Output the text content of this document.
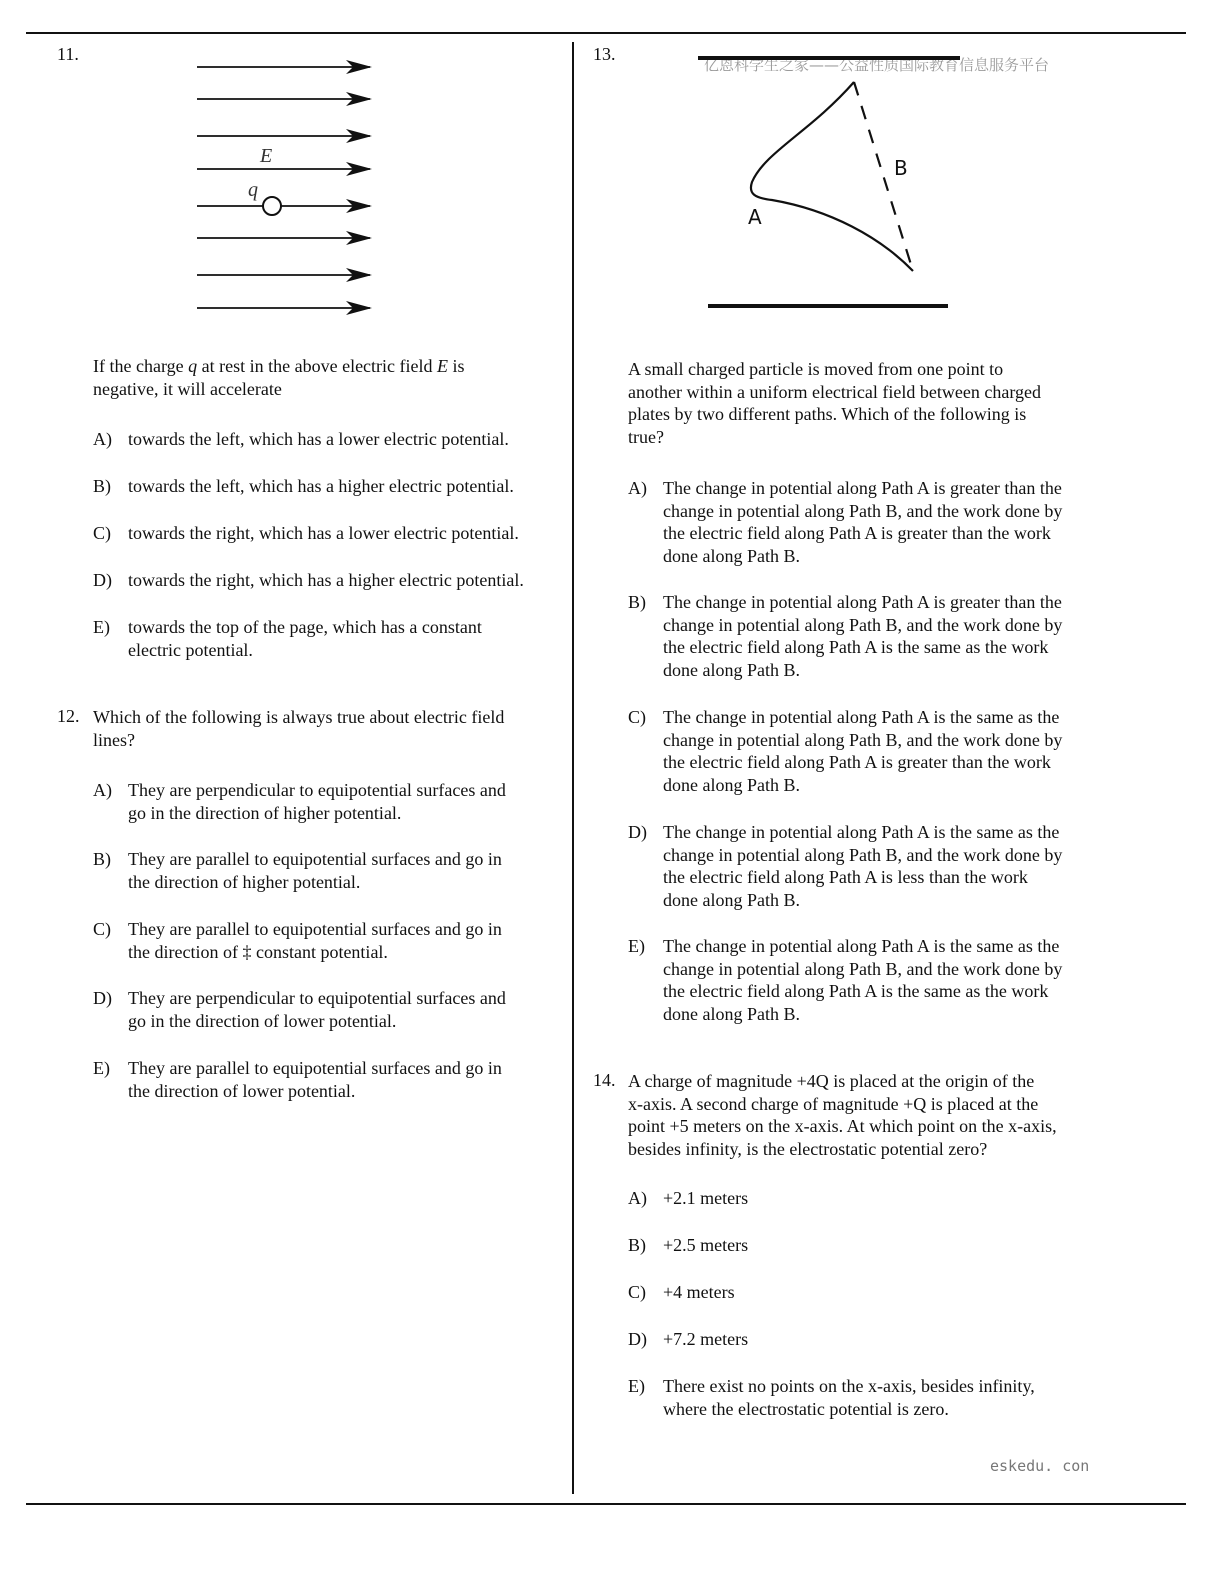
亿恩科学生之家——公益性质国际教育信息服务平台
11.
E
q
If the charge q at rest in the above electric field E is
negative, it will accelerate
A) towards the left, which has a lower electric potential.
B) towards the left, which has a higher electric potential.
C) towards the right, which has a lower electric potential.
D) towards the right, which has a higher electric potential.
E)	towards the top of the page, which has a constant
electric potential.
12. Which of the following is always true about electric field
lines?
A) They are perpendicular to equipotential surfaces and
go in the direction of higher potential.
B) They are parallel to equipotential surfaces and go in
the direction of higher potential.
C) They are parallel to equipotential surfaces and go in
the direction of ‡ constant potential.
D) They are perpendicular to equipotential surfaces and
go in the direction of lower potential.
E)	They are parallel to equipotential surfaces and go in
the direction of lower potential.
13.
A
B
A small charged particle is moved from one point to
another within a uniform electrical field between charged
plates by two different paths. Which of the following is
true?
A) The change in potential along Path A is greater than the
change in potential along Path B, and the work done by
the electric field along Path A is greater than the work
done along Path B.
B) The change in potential along Path A is greater than the
change in potential along Path B, and the work done by
the electric field along Path A is the same as the work
done along Path B.
C) The change in potential along Path A is the same as the
change in potential along Path B, and the work done by
the electric field along Path A is greater than the work
done along Path B.
D) The change in potential along Path A is the same as the
change in potential along Path B, and the work done by
the electric field along Path A is less than the work
done along Path B.
E)	The change in potential along Path A is the same as the
change in potential along Path B, and the work done by
the electric field along Path A is the same as the work
done along Path B.
14. A charge of magnitude +4Q is placed at the origin of the
x-axis. A second charge of magnitude +Q is placed at the
point +5 meters on the x-axis. At which point on the x-axis,
besides infinity, is the electrostatic potential zero?
A) +2.1 meters
B) +2.5 meters
C) +4 meters
D) +7.2 meters
E)	There exist no points on the x-axis, besides infinity,
where the electrostatic potential is zero.
eskedu. con
